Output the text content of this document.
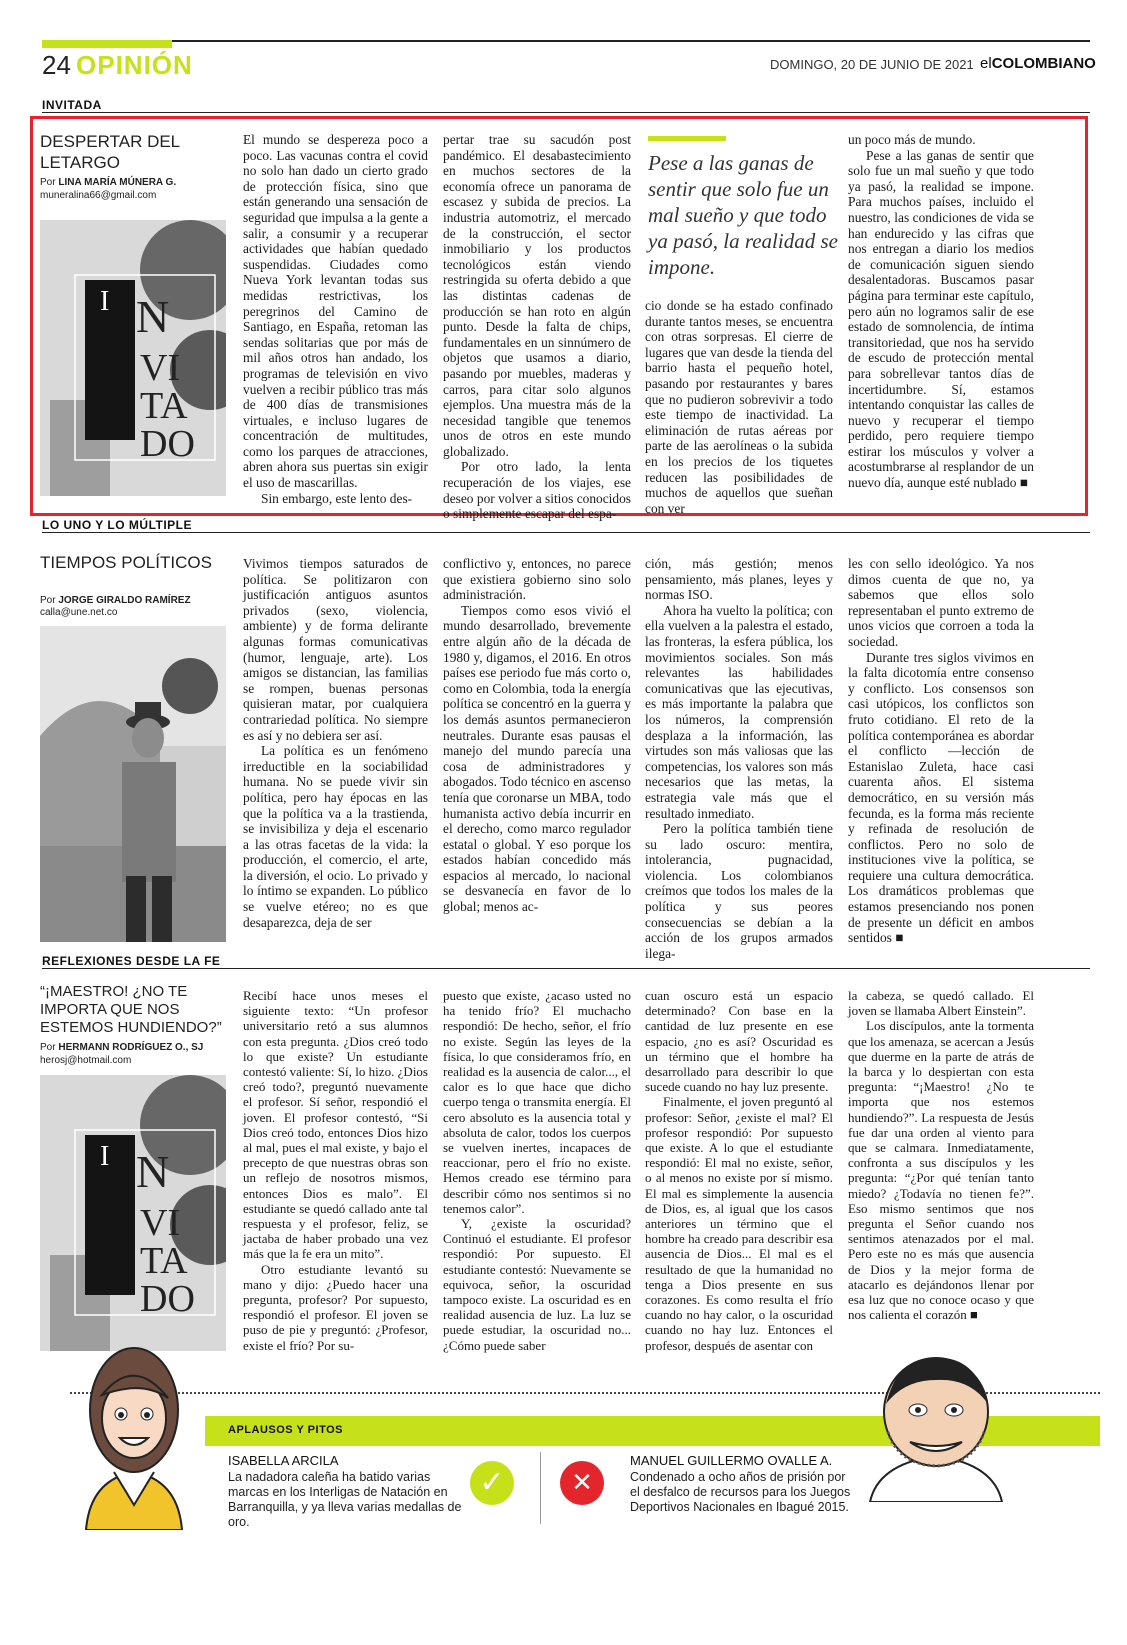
24 OPINIÓN	DOMINGO, 20 DE JUNIO DE 2021 elCOLOMBIANO
INVITADA
DESPERTAR DEL LETARGO
Por LINA MARÍA MÚNERA G.
muneralina66@gmail.com
I N
VI
TA
DO

El mundo se despereza poco a poco. Las vacunas contra el covid no solo han dado un cierto grado de protección física, sino que están generando una sensación de seguridad que impulsa a la gente a salir, a consumir y a recuperar actividades que habían quedado suspendidas. Ciudades como Nueva York levantan todas sus medidas restrictivas, los peregrinos del Camino de Santiago, en España, retoman las sendas solitarias que por más de mil años otros han andado, los programas de televisión en vivo vuelven a recibir público tras más de 400 días de transmisiones virtuales, e incluso lugares de concentración de multitudes, como los parques de atracciones, abren ahora sus puertas sin exigir el uso de mascarillas.

Sin embargo, este lento des-

pertar trae su sacudón post pandémico. El desabastecimiento en muchos sectores de la economía ofrece un panorama de escasez y subida de precios. La industria automotriz, el mercado de la construcción, el sector inmobiliario y los productos tecnológicos están viendo restringida su oferta debido a que las distintas cadenas de producción se han roto en algún punto. Desde la falta de chips, fundamentales en un sinnúmero de objetos que usamos a diario, pasando por muebles, maderas y carros, para citar solo algunos ejemplos. Una muestra más de la necesidad tangible que tenemos unos de otros en este mundo globalizado.

Por otro lado, la lenta recuperación de los viajes, ese deseo por volver a sitios conocidos o simplemente escapar del espa-

Pese a las ganas de sentir que solo fue un mal sueño y que todo ya pasó, la realidad se impone.

cio donde se ha estado confinado durante tantos meses, se encuentra con otras sorpresas. El cierre de lugares que van desde la tienda del barrio hasta el pequeño hotel, pasando por restaurantes y bares que no pudieron sobrevivir a todo este tiempo de inactividad. La eliminación de rutas aéreas por parte de las aerolíneas o la subida en los precios de los tiquetes reducen las posibilidades de muchos de aquellos que sueñan con ver

un poco más de mundo.

Pese a las ganas de sentir que solo fue un mal sueño y que todo ya pasó, la realidad se impone. Para muchos países, incluido el nuestro, las condiciones de vida se han endurecido y las cifras que nos entregan a diario los medios de comunicación siguen siendo desalentadoras. Buscamos pasar página para terminar este capítulo, pero aún no logramos salir de ese estado de somnolencia, de íntima transitoriedad, que nos ha servido de escudo de protección mental para sobrellevar tantos días de incertidumbre. Sí, estamos intentando conquistar las calles de nuevo y recuperar el tiempo perdido, pero requiere tiempo estirar los músculos y volver a acostumbrarse al resplandor de un nuevo día, aunque esté nublado ■

LO UNO Y LO MÚLTIPLE
TIEMPOS POLÍTICOS
Por JORGE GIRALDO RAMÍREZ
calla@une.net.co

Vivimos tiempos saturados de política. Se politizaron con justificación antiguos asuntos privados (sexo, violencia, ambiente) y de forma delirante algunas formas comunicativas (humor, lenguaje, arte). Los amigos se distancian, las familias se rompen, buenas personas quisieran matar, por cualquiera contrariedad política. No siempre es así y no debiera ser así.

La política es un fenómeno irreductible en la sociabilidad humana. No se puede vivir sin política, pero hay épocas en las que la política va a la trastienda, se invisibiliza y deja el escenario a las otras facetas de la vida: la producción, el comercio, el arte, la diversión, el ocio. Lo privado y lo íntimo se expanden. Lo público se vuelve etéreo; no es que desaparezca, deja de ser

conflictivo y, entonces, no parece que existiera gobierno sino solo administración.

Tiempos como esos vivió el mundo desarrollado, brevemente entre algún año de la década de 1980 y, digamos, el 2016. En otros países ese periodo fue más corto o, como en Colombia, toda la energía política se concentró en la guerra y los demás asuntos permanecieron neutrales. Durante esas pausas el manejo del mundo parecía una cosa de administradores y abogados. Todo técnico en ascenso tenía que coronarse un MBA, todo humanista activo debía incurrir en el derecho, como marco regulador estatal o global. Y eso porque los estados habían concedido más espacios al mercado, lo nacional se desvanecía en favor de lo global; menos ac-

ción, más gestión; menos pensamiento, más planes, leyes y normas ISO.

Ahora ha vuelto la política; con ella vuelven a la palestra el estado, las fronteras, la esfera pública, los movimientos sociales. Son más relevantes las habilidades comunicativas que las ejecutivas, es más importante la palabra que los números, la comprensión desplaza a la información, las virtudes son más valiosas que las competencias, los valores son más necesarios que las metas, la estrategia vale más que el resultado inmediato.

Pero la política también tiene su lado oscuro: mentira, intolerancia, pugnacidad, violencia. Los colombianos creímos que todos los males de la política y sus peores consecuencias se debían a la acción de los grupos armados ilega-

les con sello ideológico. Ya nos dimos cuenta de que no, ya sabemos que ellos solo representaban el punto extremo de unos vicios que corroen a toda la sociedad.

Durante tres siglos vivimos en la falta dicotomía entre consenso y conflicto. Los consensos son casi utópicos, los conflictos son fruto cotidiano. El reto de la política contemporánea es abordar el conflicto —lección de Estanislao Zuleta, hace casi cuarenta años. El sistema democrático, en su versión más fecunda, es la forma más reciente y refinada de resolución de conflictos. Pero no solo de instituciones vive la política, se requiere una cultura democrática. Los dramáticos problemas que estamos presenciando nos ponen de presente un déficit en ambos sentidos ■

REFLEXIONES DESDE LA FE
“¡MAESTRO! ¿NO TE IMPORTA QUE NOS ESTEMOS HUNDIENDO?”
Por HERMANN RODRÍGUEZ O., SJ
herosj@hotmail.com
I N
VI
TA
DO

Recibí hace unos meses el siguiente texto: “Un profesor universitario retó a sus alumnos con esta pregunta. ¿Dios creó todo lo que existe? Un estudiante contestó valiente: Sí, lo hizo. ¿Dios creó todo?, preguntó nuevamente el profesor. Sí señor, respondió el joven. El profesor contestó, “Si Dios creó todo, entonces Dios hizo al mal, pues el mal existe, y bajo el precepto de que nuestras obras son un reflejo de nosotros mismos, entonces Dios es malo”. El estudiante se quedó callado ante tal respuesta y el profesor, feliz, se jactaba de haber probado una vez más que la fe era un mito”.

Otro estudiante levantó su mano y dijo: ¿Puedo hacer una pregunta, profesor? Por supuesto, respondió el profesor. El joven se puso de pie y preguntó: ¿Profesor, existe el frío? Por su-

puesto que existe, ¿acaso usted no ha tenido frío? El muchacho respondió: De hecho, señor, el frío no existe. Según las leyes de la física, lo que consideramos frío, en realidad es la ausencia de calor..., el calor es lo que hace que dicho cuerpo tenga o transmita energía. El cero absoluto es la ausencia total y absoluta de calor, todos los cuerpos se vuelven inertes, incapaces de reaccionar, pero el frío no existe. Hemos creado ese término para describir cómo nos sentimos si no tenemos calor”.

Y, ¿existe la oscuridad? Continuó el estudiante. El profesor respondió: Por supuesto. El estudiante contestó: Nuevamente se equivoca, señor, la oscuridad tampoco existe. La oscuridad es en realidad ausencia de luz. La luz se puede estudiar, la oscuridad no... ¿Cómo puede saber

cuan oscuro está un espacio determinado? Con base en la cantidad de luz presente en ese espacio, ¿no es así? Oscuridad es un término que el hombre ha desarrollado para describir lo que sucede cuando no hay luz presente.

Finalmente, el joven preguntó al profesor: Señor, ¿existe el mal? El profesor respondió: Por supuesto que existe. A lo que el estudiante respondió: El mal no existe, señor, o al menos no existe por sí mismo. El mal es simplemente la ausencia de Dios, es, al igual que los casos anteriores un término que el hombre ha creado para describir esa ausencia de Dios... El mal es el resultado de que la humanidad no tenga a Dios presente en sus corazones. Es como resulta el frío cuando no hay calor, o la oscuridad cuando no hay luz. Entonces el profesor, después de asentar con

la cabeza, se quedó callado. El joven se llamaba Albert Einstein”.

Los discípulos, ante la tormenta que los amenaza, se acercan a Jesús que duerme en la parte de atrás de la barca y lo despiertan con esta pregunta: “¡Maestro! ¿No te importa que nos estemos hundiendo?”. La respuesta de Jesús fue dar una orden al viento para que se calmara. Inmediatamente, confronta a sus discípulos y les pregunta: “¿Por qué tenían tanto miedo? ¿Todavía no tienen fe?”. Eso mismo sentimos que nos pregunta el Señor cuando nos sentimos atenazados por el mal. Pero este no es más que ausencia de Dios y la mejor forma de atacarlo es dejándonos llenar por esa luz que no conoce ocaso y que nos calienta el corazón ■

APLAUSOS Y PITOS
ISABELLA ARCILA
La nadadora caleña ha batido varias marcas en los Interligas de Natación en Barranquilla, y ya lleva varias medallas de oro.
✓	✕
MANUEL GUILLERMO OVALLE A.
Condenado a ocho años de prisión por el desfalco de recursos para los Juegos Deportivos Nacionales en Ibagué 2015.
